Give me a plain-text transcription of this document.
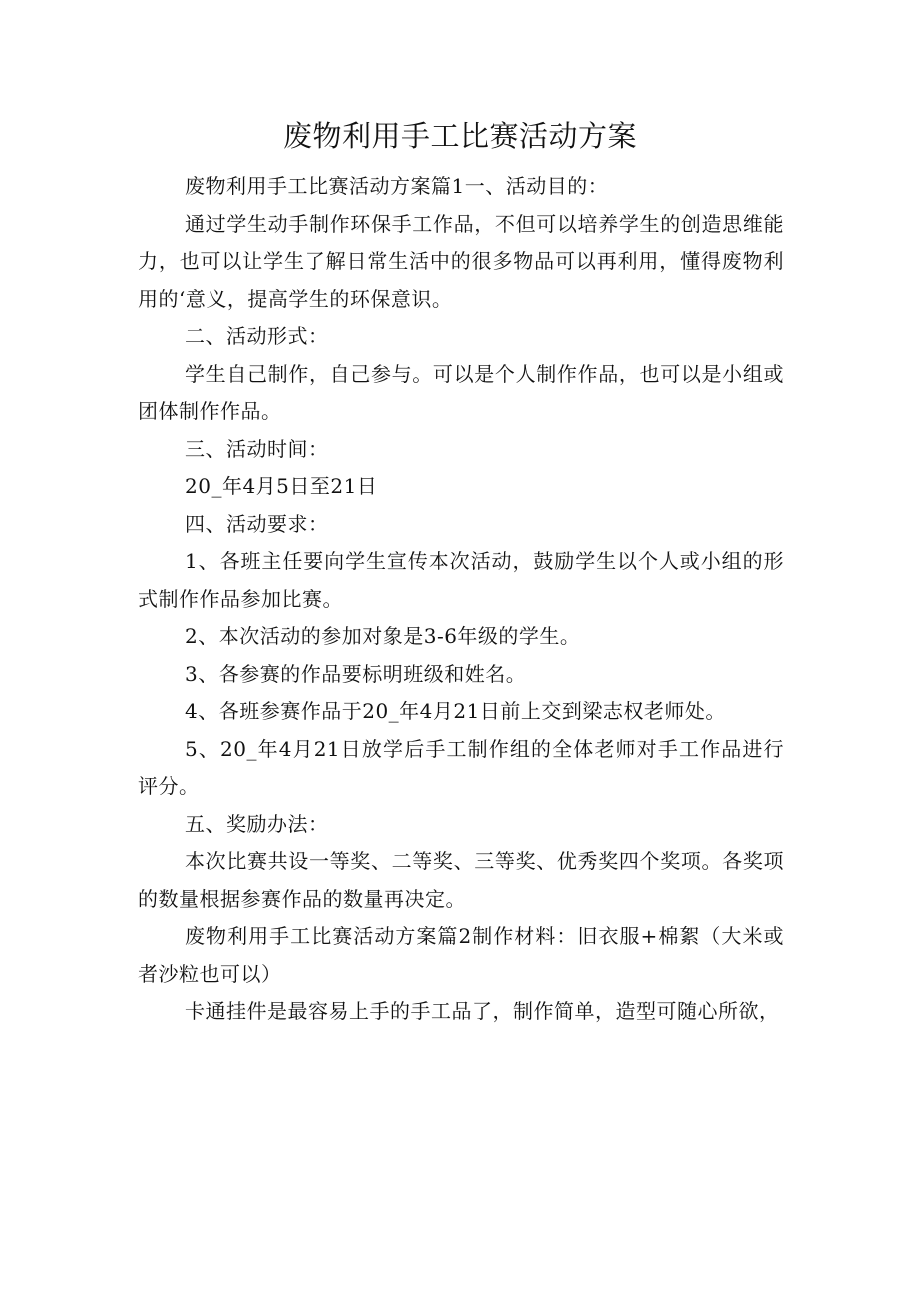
废物利用手工比赛活动方案

废物利用手工比赛活动方案篇1一、活动目的：

通过学生动手制作环保手工作品，不但可以培养学生的创造思维能力，也可以让学生了解日常生活中的很多物品可以再利用，懂得废物利用的‘意义，提高学生的环保意识。

二、活动形式：

学生自己制作，自己参与。可以是个人制作作品，也可以是小组或团体制作作品。

三、活动时间：

20_年4月5日至21日

四、活动要求：

1、各班主任要向学生宣传本次活动，鼓励学生以个人或小组的形式制作作品参加比赛。

2、本次活动的参加对象是3-6年级的学生。

3、各参赛的作品要标明班级和姓名。

4、各班参赛作品于20_年4月21日前上交到梁志权老师处。

5、20_年4月21日放学后手工制作组的全体老师对手工作品进行评分。

五、奖励办法：

本次比赛共设一等奖、二等奖、三等奖、优秀奖四个奖项。各奖项的数量根据参赛作品的数量再决定。

废物利用手工比赛活动方案篇2制作材料：旧衣服+棉絮（大米或者沙粒也可以）

卡通挂件是最容易上手的手工品了，制作简单，造型可随心所欲，
